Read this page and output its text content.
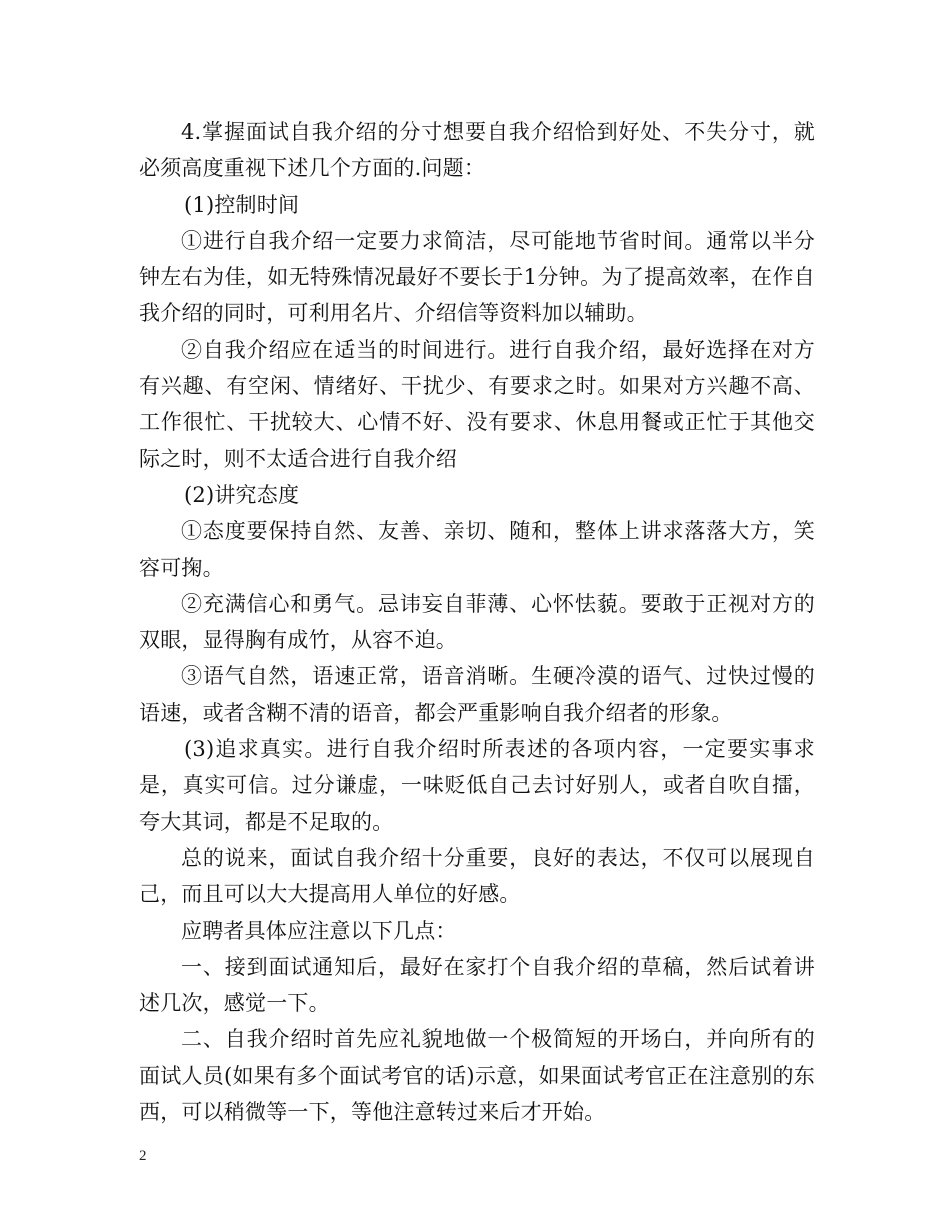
4.掌握面试自我介绍的分寸想要自我介绍恰到好处、不失分寸，就必须高度重视下述几个方面的.问题：

(1)控制时间

①进行自我介绍一定要力求简洁，尽可能地节省时间。通常以半分钟左右为佳，如无特殊情况最好不要长于1分钟。为了提高效率，在作自我介绍的同时，可利用名片、介绍信等资料加以辅助。

②自我介绍应在适当的时间进行。进行自我介绍，最好选择在对方有兴趣、有空闲、情绪好、干扰少、有要求之时。如果对方兴趣不高、工作很忙、干扰较大、心情不好、没有要求、休息用餐或正忙于其他交际之时，则不太适合进行自我介绍

(2)讲究态度

①态度要保持自然、友善、亲切、随和，整体上讲求落落大方，笑容可掬。

②充满信心和勇气。忌讳妄自菲薄、心怀怯藐。要敢于正视对方的双眼，显得胸有成竹，从容不迫。

③语气自然，语速正常，语音消晰。生硬冷漠的语气、过快过慢的语速，或者含糊不清的语音，都会严重影响自我介绍者的形象。

(3)追求真实。进行自我介绍时所表述的各项内容，一定要实事求是，真实可信。过分谦虚，一味贬低自己去讨好别人，或者自吹自擂，夸大其词，都是不足取的。

总的说来，面试自我介绍十分重要，良好的表达，不仅可以展现自己，而且可以大大提高用人单位的好感。

应聘者具体应注意以下几点：

一、接到面试通知后，最好在家打个自我介绍的草稿，然后试着讲述几次，感觉一下。

二、自我介绍时首先应礼貌地做一个极简短的开场白，并向所有的面试人员(如果有多个面试考官的话)示意，如果面试考官正在注意别的东西，可以稍微等一下，等他注意转过来后才开始。

2
